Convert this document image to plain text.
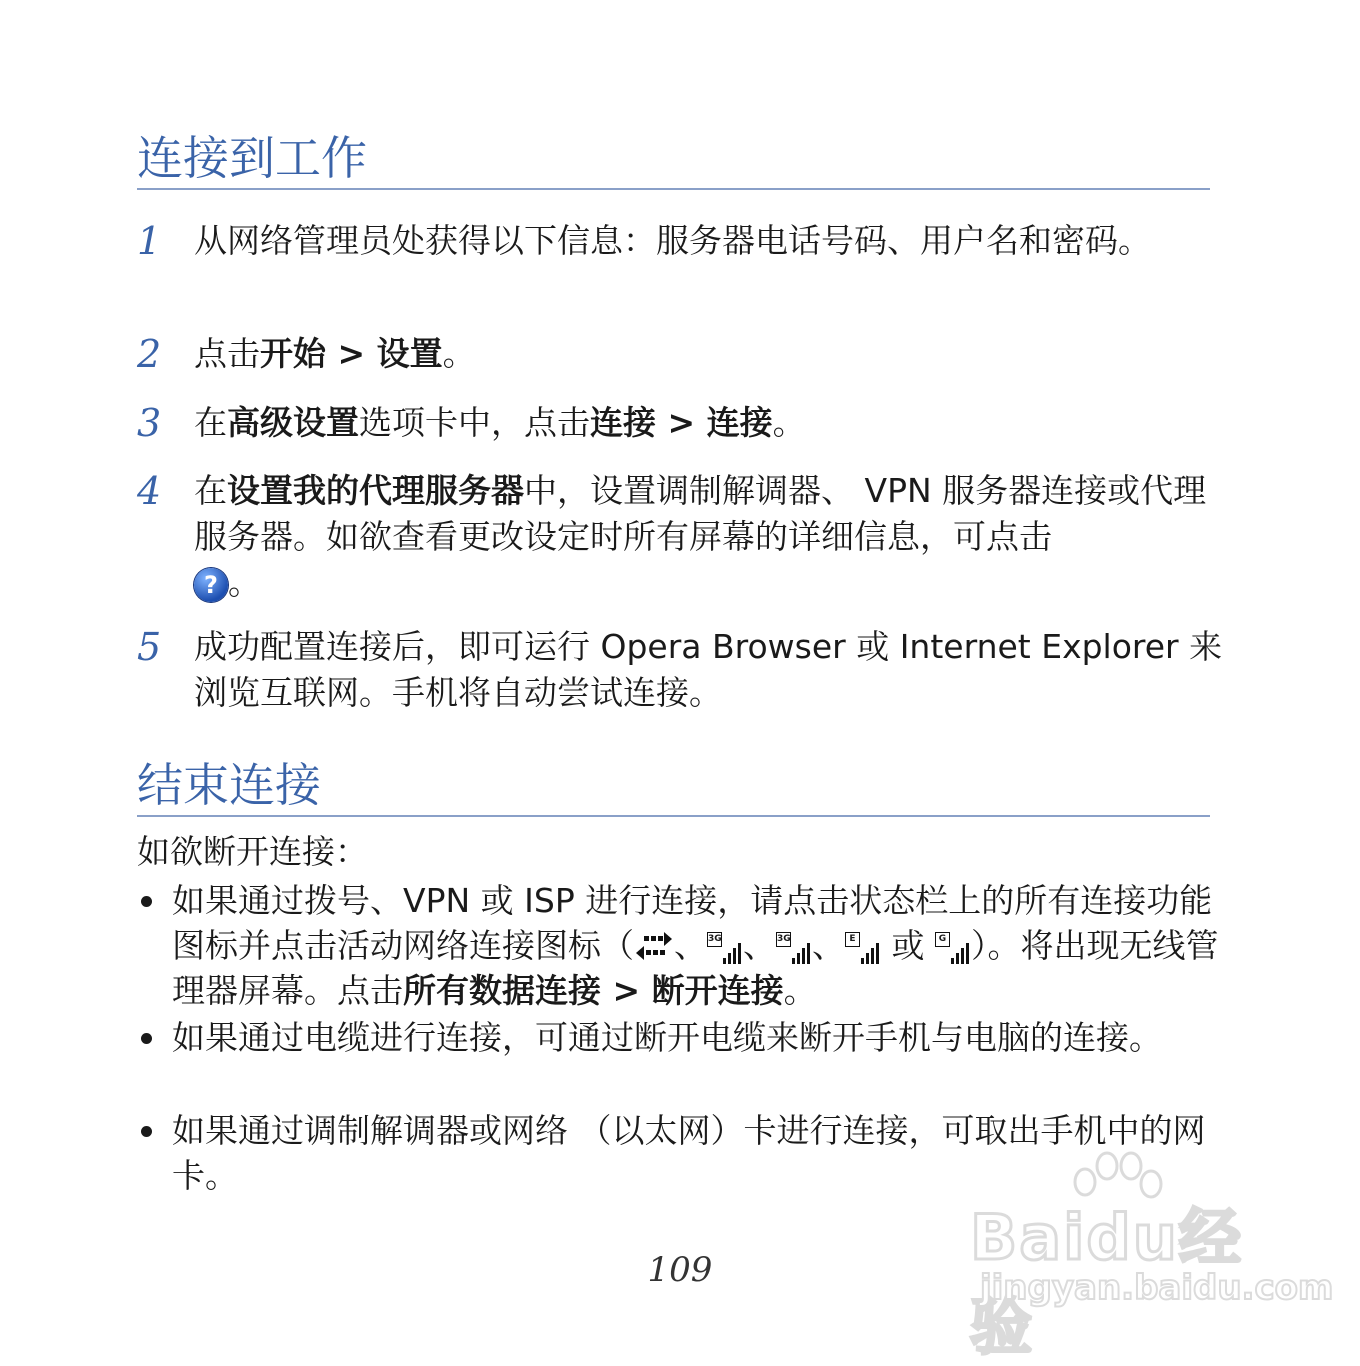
连接到工作
1 从网络管理员处获得以下信息：服务器电话号码、用户名和密码。
2 点击开始 > 设置。
3 在高级设置选项卡中，点击连接 > 连接。
4 在设置我的代理服务器中，设置调制解调器、 VPN 服务器连接或代理服务器。如欲查看更改设定时所有屏幕的详细信息，可点击
? 。
5 成功配置连接后，即可运行 Opera Browser 或 Internet Explorer 来浏览互联网。手机将自动尝试连接。
结束连接
如欲断开连接：
如果通过拨号、VPN 或 ISP 进行连接，请点击状态栏上的所有连接功能图标并点击活动网络连接图标（ 、 3G 、 3G 、 E 或 G ）。将出现无线管理器屏幕。点击所有数据连接 > 断开连接。
如果通过电缆进行连接，可通过断开电缆来断开手机与电脑的连接。
如果通过调制解调器或网络 （以太网）卡进行连接，可取出手机中的网卡。
109	Baidu经验
jingyan.baidu.com
